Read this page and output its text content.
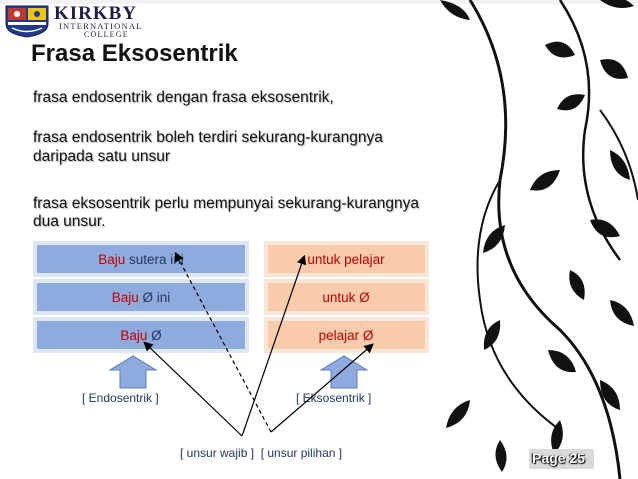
KIRKBY
INTERNATIONAL
COLLEGE
Frasa Eksosentrik
frasa endosentrik dengan frasa eksosentrik,
frasa endosentrik boleh terdiri sekurang-kurangnya
daripada satu unsur
frasa eksosentrik perlu mempunyai sekurang-kurangnya
dua unsur.
Baju sutera ini
Baju Ø ini
Baju Ø
untuk pelajar
untuk Ø
pelajar Ø
[ Endosentrik ]	[ Eksosentrik ]
[ unsur wajib ]  [ unsur pilihan ]	Page 25
